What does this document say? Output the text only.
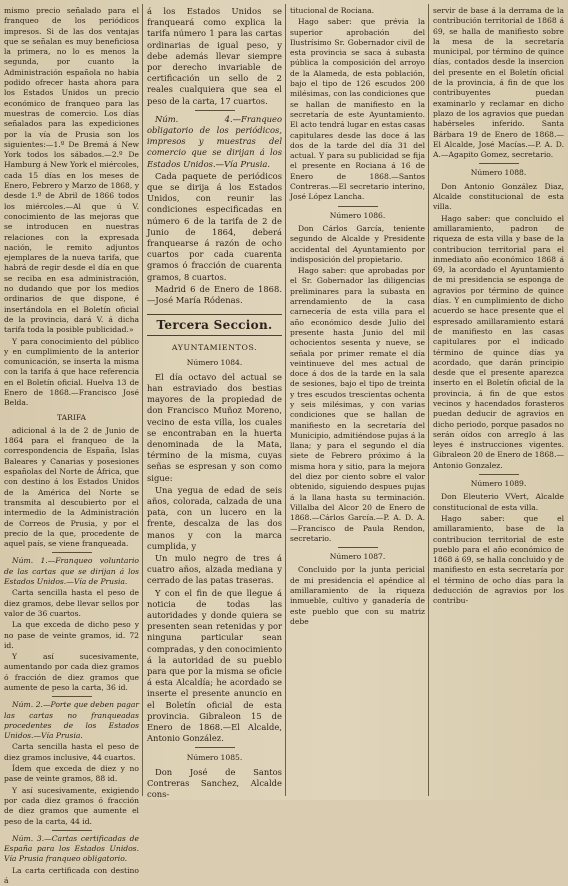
mismo precio señalado para el franqueo de los periódicos impresos. Si de las dos ventajas que se señalan es muy beneficiosa la primera, no lo es menos la segunda, por cuanto la Administración española no habia podido ofrecer hasta ahora para los Estados Unidos un precio económico de franqueo para las muestras de comercio. Los días señalados para las expediciones por la vía de Prusia son los siguientes:—1.º De Bremá á New York todos los sábados.—2.º De Hamburg á New York el miércoles, cada 15 días en los meses de Enero, Febrero y Marzo de 1868, y desde 1.º de Abril de 1866 todos los miércoles.—Al que ú V. conocimiento de las mejoras que se introducen en nuestras relaciones con la expresada nación, le remito adjuntos ejemplares de la nueva tarifa, que habrá de regir desde el día en que se reciba en esa administración, no dudando que por los medios ordinarios de que dispone, é insertándola en el Boletín oficial de la provincia, dará V. á dicha tarifa toda la posible publicidad.»

Y para conocimiento del público y en cumplimiento de la anterior comunicación, se inserta la misma con la tarifa á que hace referencia en el Boletín oficial. Huelva 13 de Enero de 1868.—Francisco José Belda.

TARIFA

adicional á la de 2 de Junio de 1864 para el franqueo de la correspondencia de España, Islas Baleares y Canarias y posesiones españolas del Norte de África, que con destino á los Estados Unidos de la América del Norte se transmita al descubierto por el intermedio de la Administración de Correos de Prusia, y por el precio de la que, procedente de aquel país, se viene franqueada.

Núm. 1.—Franqueo voluntario de las cartas que se dirijan á los Estados Unidos.—Vía de Prusia.

Carta sencilla hasta el peso de diez gramos, debe llevar sellos por valor de 36 cuartos.

La que exceda de dicho peso y no pase de veinte gramos, id. 72 id.

Y así sucesivamente, aumentando por cada diez gramos ó fracción de diez gramos que aumente de peso la carta, 36 id.

Núm. 2.—Porte que deben pagar las cartas no franqueadas procedentes de los Estados Unidos.—Vía Prusia.

Carta sencilla hasta el peso de diez gramos inclusive, 44 cuartos.

Ídem que exceda de diez y no pase de veinte gramos, 88 id.

Y así sucesivamente, exigiendo por cada diez gramos ó fracción de diez gramos que aumente el peso de la carta, 44 id.

Núm. 3.—Cartas certificadas de España para los Estados Unidos. Vía Prusia franqueo obligatorio.

La carta certificada con destino á

á los Estados Unidos se franqueará como explica la tarifa número 1 para las cartas ordinarias de igual peso, y debe además llevar siempre por derecho invariable de certificación un sello de 2 reales cualquiera que sea el peso de la carta, 17 cuartos.

Núm. 4.—Franqueo obligatorio de los periódicos, impresos y muestras del comercio que se dirijan á los Estados Unidos.—Vía Prusia.

Cada paquete de periódicos que se dirija á los Estados Unidos, con reunir las condiciones especificadas en número 6 de la tarifa de 2 de Junio de 1864, deberá franquearse á razón de ocho cuartos por cada cuarenta gramos ó fracción de cuarenta gramos, 8 cuartos.

Madrid 6 de Enero de 1868.—José María Ródenas.

Tercera Seccion.
AYUNTAMIENTOS.
Número 1084.

El día octavo del actual se han estraviado dos bestias mayores de la propiedad de don Francisco Muñoz Moreno, vecino de esta villa, los cuales se encontraban en la huerta denominada de la Mata, término de la misma, cuyas señas se espresan y son como sigue:

Una yegua de edad de seis años, colorada, calzada de una pata, con un lucero en la frente, descalza de las dos manos y con la marca cumplida, y

Un mulo negro de tres á cuatro años, alzada mediana y cerrado de las patas traseras.

Y con el fin de que llegue á noticia de todas las autoridades y donde quiera se presenten sean retenidas y por ninguna particular sean compradas, y den conocimiento á la autoridad de su pueblo para que por la misma se oficie á esta Alcaldía; he acordado se inserte el presente anuncio en el Boletín oficial de esta provincia. Gibraleon 15 de Enero de 1868.—El Alcalde, Antonio González.

Número 1085.

Don José de Santos Contreras Sanchez, Alcalde cons-

titucional de Rociana.

Hago saber: que prévia la superior aprobación del Ilustrísimo Sr. Gobernador civil de esta provincia se saca á subasta pública la composición del arroyo de la Alameda, de esta población, bajo el tipo de 126 escudos 200 milésimas, con las condiciones que se hallan de manifiesto en la secretaría de este Ayuntamiento. El acto tendrá lugar en estas casas capitulares desde las doce á las dos de la tarde del día 31 del actual. Y para su publicidad se fija el presente en Rociana á 16 de Enero de 1868.—Santos Contreras.—El secretario interino, José López Lancha.

Número 1086.

Don Cárlos García, teniente segundo de Alcalde y Presidente accidental del Ayuntamiento por indisposición del propietario.

Hago saber: que aprobadas por el Sr. Gobernador las diligencias preliminares para la subasta en arrendamiento de la casa carnecería de esta villa para el año económico desde Julio del presente hasta Junio del mil ochocientos sesenta y nueve, se señala por primer remate el día veintinueve del mes actual de doce á dos de la tarde en la sala de sesiones, bajo el tipo de treinta y tres escudos trescientas ochenta y seis milésimas, y con varias condiciones que se hallan de manifiesto en la secretaría del Municipio, admitiéndose pujas á la llana; y para el segundo el día siete de Febrero próximo á la misma hora y sitio, para la mejora del diez por ciento sobre el valor obtenido, siguiendo despues pujas á la llana hasta su terminación. Villalba del Alcor 20 de Enero de 1868.—Cárlos García.—P. A. D. A.—Francisco de Paula Rendon, secretario.

Número 1087.

Concluido por la junta pericial de mi presidencia el apéndice al amillaramiento de la riqueza inmueble, cultivo y ganadería de este pueblo que con su matriz debe

servir de base á la derrama de la contribución territorial de 1868 á 69, se halla de manifiesto sobre la mesa de la secretaría municipal, por término de quince días, contados desde la insercion del presente en el Boletín oficial de la provincia, á fin de que los contribuyentes puedan examinarlo y reclamar en dicho plazo de los agravios que puedan habérseles inferido. Santa Bárbara 19 de Enero de 1868.—El Alcalde, José Macías.—P. A. D. A.—Agapito Gomez, secretario.

Número 1088.

Don Antonio González Diaz, Alcalde constitucional de esta villa.

Hago saber: que concluido el amillaramiento, padron de riqueza de esta villa y base de la contribucion territorial para el inmediato año económico 1868 á 69, la acordado el Ayuntamiento de mi presidencia se esponga de agravios por término de quince días. Y en cumplimiento de dicho acuerdo se hace presente que el espresado amillaramiento estará de manifiesto en las casas capitulares por el indicado término de quince días ya acordado, que darán principio desde que el presente aparezca inserto en el Boletín oficial de la provincia, á fin de que estos vecinos y hacendados forasteros puedan deducir de agravios en dicho periodo, porque pasados no serán oídos con arreglo á las leyes é instrucciones vigentes. Gibraleon 20 de Enero de 1868.—Antonio Gonzalez.

Número 1089.

Don Eleuterio VVert, Alcalde constitucional de esta villa.

Hago saber: que el amillaramiento, base de la contribucion territorial de este pueblo para el año económico de 1868 á 69, se halla concluido y de manifiesto en esta secretaría por el término de ocho días para la deducción de agravios por los contribu-
